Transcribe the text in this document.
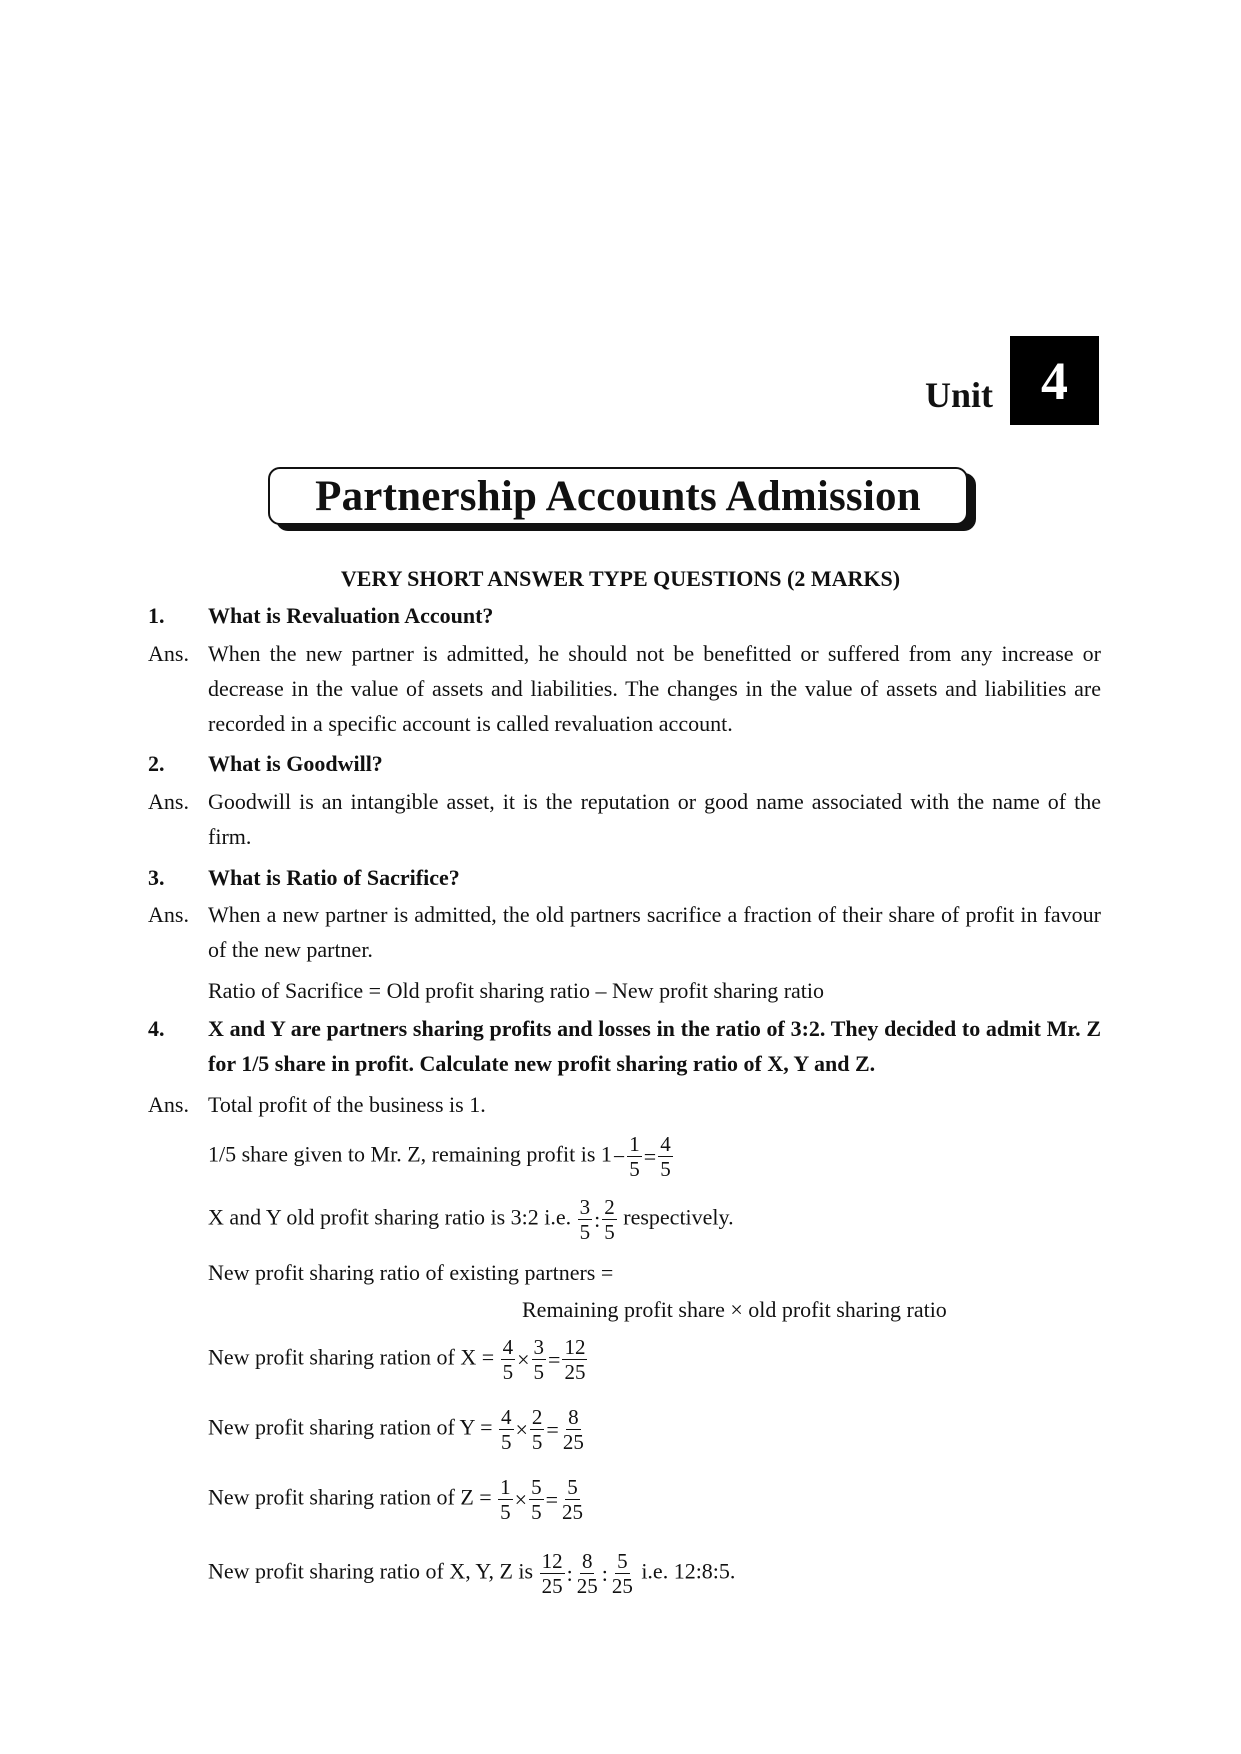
Unit 4
Partnership Accounts Admission
VERY SHORT ANSWER TYPE QUESTIONS (2 MARKS)
1. What is Revaluation Account?
Ans. When the new partner is admitted, he should not be benefitted or suffered from any increase or decrease in the value of assets and liabilities. The changes in the value of assets and liabilities are recorded in a specific account is called revaluation account.
2. What is Goodwill?
Ans. Goodwill is an intangible asset, it is the reputation or good name associated with the name of the firm.
3. What is Ratio of Sacrifice?
Ans. When a new partner is admitted, the old partners sacrifice a fraction of their share of profit in favour of the new partner.
Ratio of Sacrifice = Old profit sharing ratio – New profit sharing ratio
4. X and Y are partners sharing profits and losses in the ratio of 3:2. They decided to admit Mr. Z for 1/5 share in profit. Calculate new profit sharing ratio of X, Y and Z.
Ans. Total profit of the business is 1.
1/5 share given to Mr. Z, remaining profit is $1- \frac{1}{5} = \frac{4}{5}$
X and Y old profit sharing ratio is 3:2 i.e. $\frac{3}{5}$ : $\frac{2}{5}$ respectively.
New profit sharing ratio of existing partners =
Remaining profit share × old profit sharing ratio
New profit sharing ration of $X = \frac{4}{5} \times \frac{3}{5} = \frac{12}{25}$
New profit sharing ration of $Y = \frac{4}{5} \times \frac{2}{5} = \frac{8}{25}$
New profit sharing ration of $Z = \frac{1}{5} \times \frac{5}{5} = \frac{5}{25}$
New profit sharing ratio of X, Y, Z is $\frac{12}{25}$ : $\frac{8}{25}$ : $\frac{5}{25} i.e$. 12:8:5.
